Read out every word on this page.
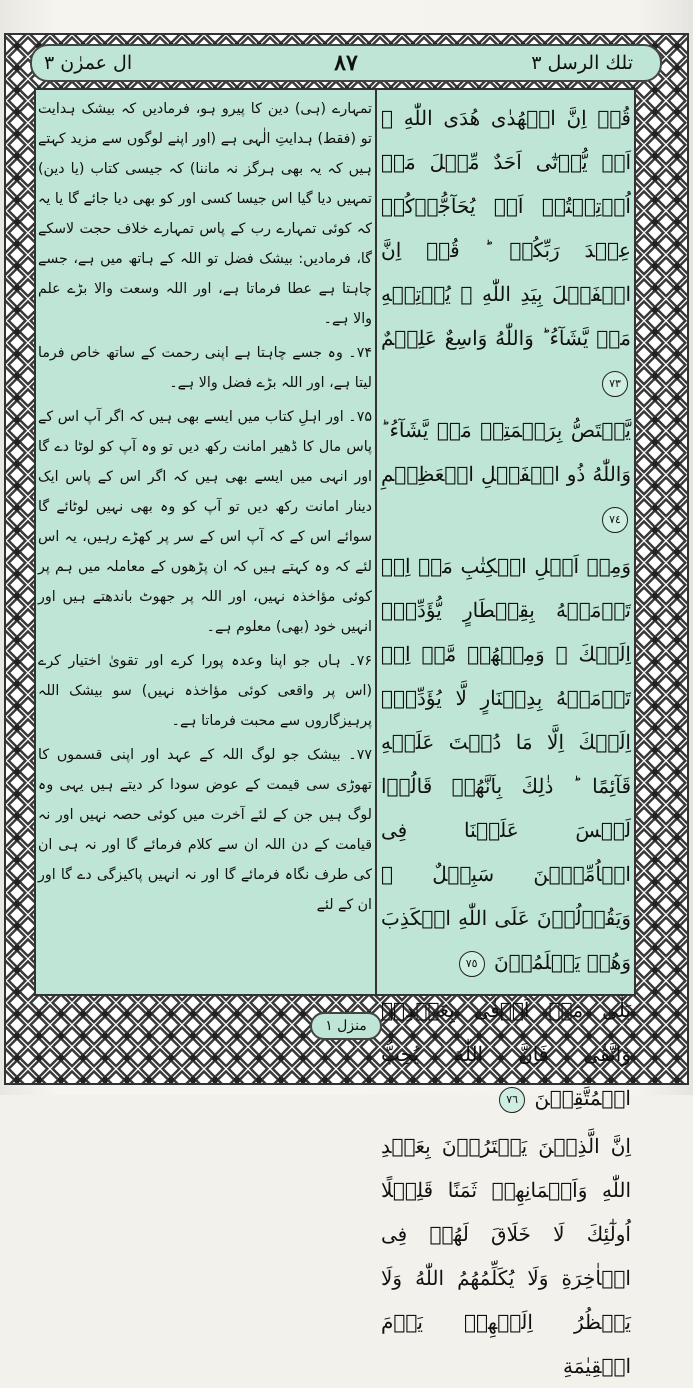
ال عمرٰن ٣	٨٧	تلك الرسل ٣

تمہارے (ہی) دین کا پیرو ہو، فرمادیں کہ بیشک ہدایت تو (فقط) ہدایتِ الٰہی ہے (اور اپنے لوگوں سے مزید کہتے ہیں کہ یہ بھی ہرگز نہ ماننا) کہ جیسی کتاب (یا دین) تمہیں دیا گیا اس جیسا کسی اور کو بھی دیا جائے گا یا یہ کہ کوئی تمہارے رب کے پاس تمہارے خلاف حجت لاسکے گا، فرمادیں: بیشک فضل تو اللہ کے ہاتھ میں ہے، جسے چاہتا ہے عطا فرماتا ہے، اور اللہ وسعت والا بڑے علم والا ہے۔

۷۴۔ وہ جسے چاہتا ہے اپنی رحمت کے ساتھ خاص فرما لیتا ہے، اور اللہ بڑے فضل والا ہے۔

۷۵۔ اور اہلِ کتاب میں ایسے بھی ہیں کہ اگر آپ اس کے پاس مال کا ڈھیر امانت رکھ دیں تو وہ آپ کو لوٹا دے گا اور انہی میں ایسے بھی ہیں کہ اگر اس کے پاس ایک دینار امانت رکھ دیں تو آپ کو وہ بھی نہیں لوٹائے گا سوائے اس کے کہ آپ اس کے سر پر کھڑے رہیں، یہ اس لئے کہ وہ کہتے ہیں کہ ان پڑھوں کے معاملہ میں ہم پر کوئی مؤاخذہ نہیں، اور اللہ پر جھوٹ باندھتے ہیں اور انہیں خود (بھی) معلوم ہے۔

۷۶۔ ہاں جو اپنا وعدہ پورا کرے اور تقویٰ اختیار کرے (اس پر واقعی کوئی مؤاخذہ نہیں) سو بیشک اللہ پرہیزگاروں سے محبت فرماتا ہے۔

۷۷۔ بیشک جو لوگ اللہ کے عہد اور اپنی قسموں کا تھوڑی سی قیمت کے عوض سودا کر دیتے ہیں یہی وہ لوگ ہیں جن کے لئے آخرت میں کوئی حصہ نہیں اور نہ قیامت کے دن اللہ ان سے کلام فرمائے گا اور نہ ہی ان کی طرف نگاہ فرمائے گا اور نہ انہیں پاکیزگی دے گا اور ان کے لئے

قُلۡ اِنَّ الۡهُدٰى هُدَى اللّٰهِ ۙ اَنۡ يُّؤۡتٰٓى اَحَدٌ مِّثۡلَ مَاۤ اُوۡتِيۡتُمۡ اَوۡ يُحَآجُّوۡكُمۡ عِنۡدَ رَبِّكُمۡ ؕ قُلۡ اِنَّ الۡفَضۡلَ بِيَدِ اللّٰهِ ۚ يُؤۡتِيۡهِ مَنۡ يَّشَآءُ ؕ وَاللّٰهُ وَاسِعٌ عَلِيۡمٌ ٧٣

يَّخۡتَصُّ بِرَحۡمَتِهٖ مَنۡ يَّشَآءُ ؕ وَاللّٰهُ ذُو الۡفَضۡلِ الۡعَظِيۡمِ ٧٤

وَمِنۡ اَهۡلِ الۡكِتٰبِ مَنۡ اِنۡ تَاۡمَنۡهُ بِقِنۡطَارٍ يُّؤَدِّهٖۤ اِلَيۡكَ ۚ وَمِنۡهُمۡ مَّنۡ اِنۡ تَاۡمَنۡهُ بِدِيۡنَارٍ لَّا يُؤَدِّهٖۤ اِلَيۡكَ اِلَّا مَا دُمۡتَ عَلَيۡهِ قَآئِمًا ؕ ذٰلِكَ بِاَنَّهُمۡ قَالُوۡا لَيۡسَ عَلَيۡنَا فِى الۡاُمِّيّٖنَ سَبِيۡلٌ ۚ وَيَقُوۡلُوۡنَ عَلَى اللّٰهِ الۡكَذِبَ وَهُمۡ يَعۡلَمُوۡنَ ٧٥

بَلٰى مَنۡ اَوۡفٰى بِعَهۡدِهٖ وَاتَّقٰى فَاِنَّ اللّٰهَ يُحِبُّ الۡمُتَّقِيۡنَ ٧٦

اِنَّ الَّذِيۡنَ يَشۡتَرُوۡنَ بِعَهۡدِ اللّٰهِ وَاَيۡمَانِهِمۡ ثَمَنًا قَلِيۡلًا اُولٰٓئِكَ لَا خَلَاقَ لَهُمۡ فِى الۡاٰخِرَةِ وَلَا يُكَلِّمُهُمُ اللّٰهُ وَلَا يَنۡظُرُ اِلَيۡهِمۡ يَوۡمَ الۡقِيٰمَةِ

منزل ١
